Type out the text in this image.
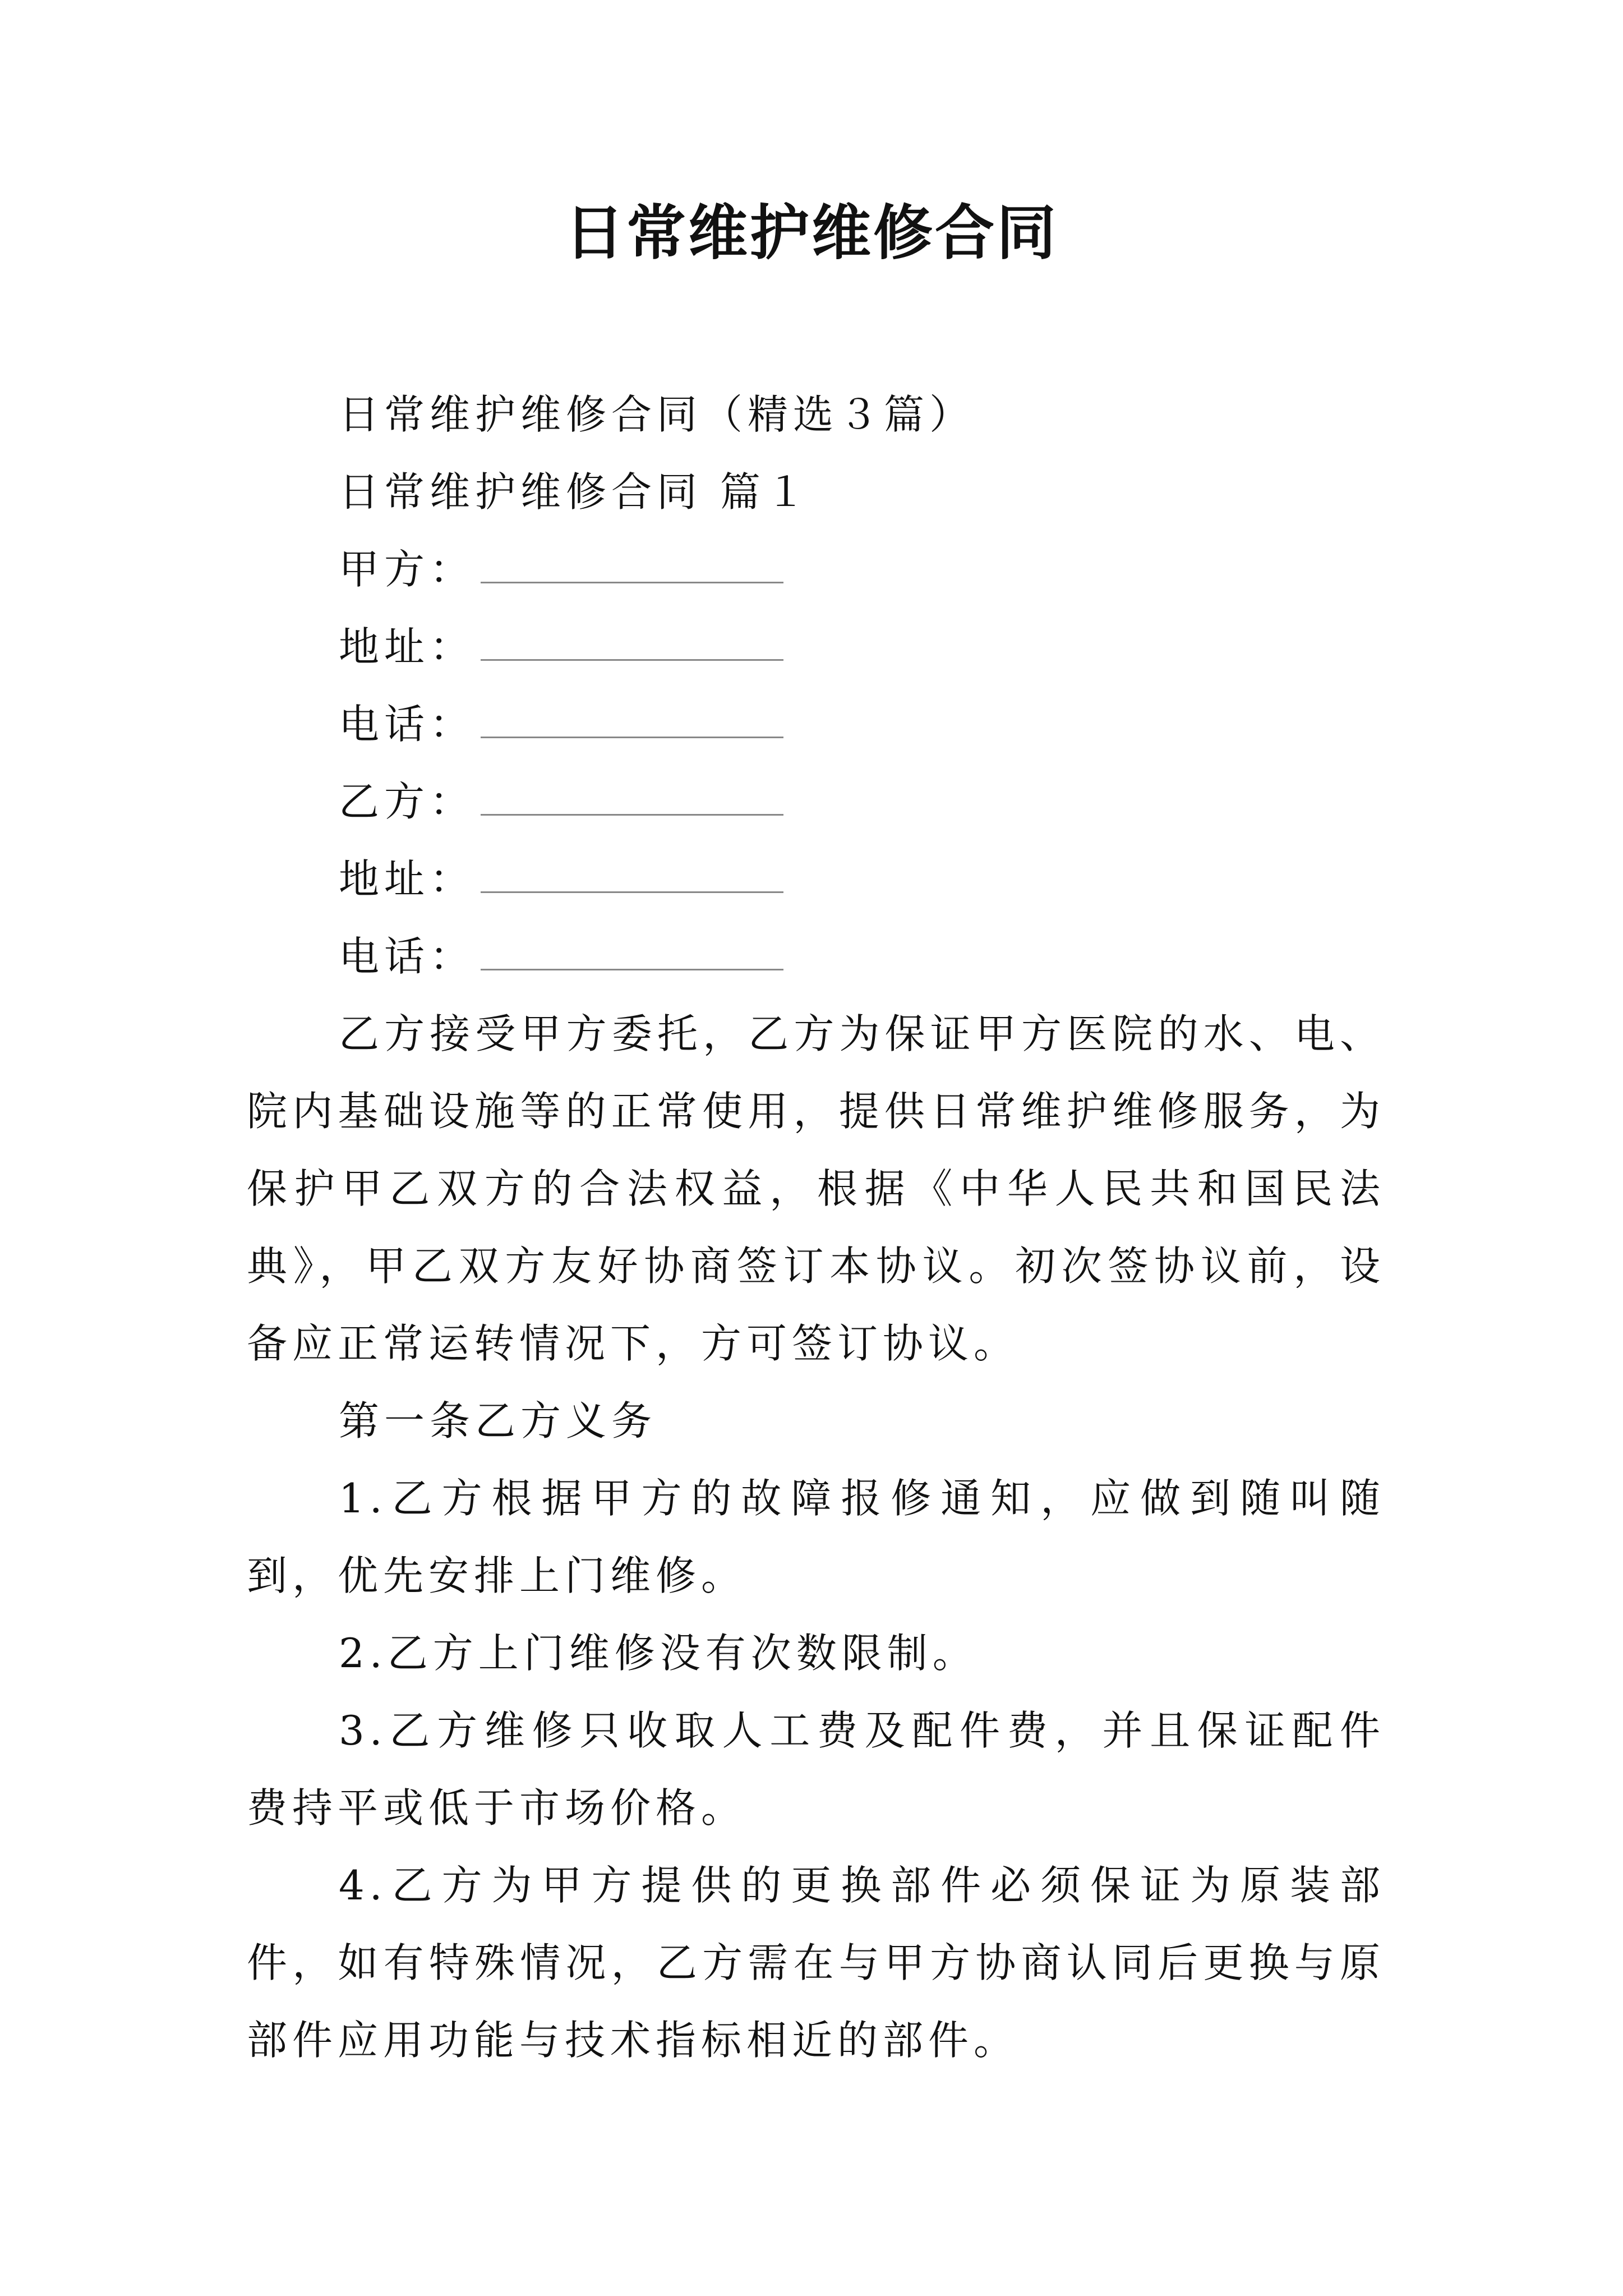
日常维护维修合同
日常维护维修合同（精选３篇）
日常维护维修合同 篇１
甲方：
地址：
电话：
乙方：
地址：
电话：
乙方接受甲方委托，乙方为保证甲方医院的水、电、院内基础设施等的正常使用，提供日常维护维修服务，为保护甲乙双方的合法权益，根据《中华人民共和国民法典》，甲乙双方友好协商签订本协议。初次签协议前，设备应正常运转情况下，方可签订协议。
第一条乙方义务
1.乙方根据甲方的故障报修通知，应做到随叫随到，优先安排上门维修。
2.乙方上门维修没有次数限制。
3.乙方维修只收取人工费及配件费，并且保证配件费持平或低于市场价格。
4.乙方为甲方提供的更换部件必须保证为原装部件，如有特殊情况，乙方需在与甲方协商认同后更换与原部件应用功能与技术指标相近的部件。
